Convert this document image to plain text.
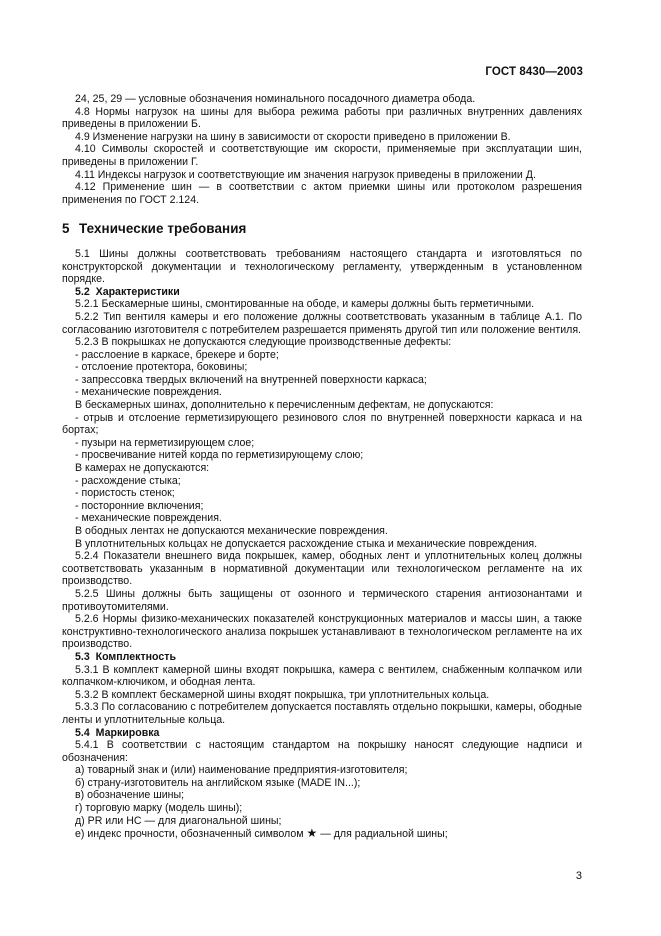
ГОСТ 8430—2003

24, 25, 29 — условные обозначения номинального посадочного диаметра обода.

4.8 Нормы нагрузок на шины для выбора режима работы при различных внутренних давлениях приведены в приложении Б.

4.9 Изменение нагрузки на шину в зависимости от скорости приведено в приложении В.

4.10 Символы скоростей и соответствующие им скорости, применяемые при эксплуатации шин, приведены в приложении Г.

4.11 Индексы нагрузок и соответствующие им значения нагрузок приведены в приложении Д.

4.12 Применение шин — в соответствии с актом приемки шины или протоколом разрешения применения по ГОСТ 2.124.

5 Технические требования

5.1 Шины должны соответствовать требованиям настоящего стандарта и изготовляться по конструкторской документации и технологическому регламенту, утвержденным в установленном порядке.

5.2 Характеристики

5.2.1 Бескамерные шины, смонтированные на ободе, и камеры должны быть герметичными.

5.2.2 Тип вентиля камеры и его положение должны соответствовать указанным в таблице А.1. По согласованию изготовителя с потребителем разрешается применять другой тип или положение вентиля.

5.2.3 В покрышках не допускаются следующие производственные дефекты:

- расслоение в каркасе, брекере и борте;

- отслоение протектора, боковины;

- запрессовка твердых включений на внутренней поверхности каркаса;

- механические повреждения.

В бескамерных шинах, дополнительно к перечисленным дефектам, не допускаются:

- отрыв и отслоение герметизирующего резинового слоя по внутренней поверхности каркаса и на бортах;

- пузыри на герметизирующем слое;

- просвечивание нитей корда по герметизирующему слою;

В камерах не допускаются:

- расхождение стыка;

- пористость стенок;

- посторонние включения;

- механические повреждения.

В ободных лентах не допускаются механические повреждения.

В уплотнительных кольцах не допускается расхождение стыка и механические повреждения.

5.2.4 Показатели внешнего вида покрышек, камер, ободных лент и уплотнительных колец должны соответствовать указанным в нормативной документации или технологическом регламенте на их производство.

5.2.5 Шины должны быть защищены от озонного и термического старения антиозонантами и противоутомителями.

5.2.6 Нормы физико-механических показателей конструкционных материалов и массы шин, а также конструктивно-технологического анализа покрышек устанавливают в технологическом регламенте на их производство.

5.3 Комплектность

5.3.1 В комплект камерной шины входят покрышка, камера с вентилем, снабженным колпачком или колпачком-ключиком, и ободная лента.

5.3.2 В комплект бескамерной шины входят покрышка, три уплотнительных кольца.

5.3.3 По согласованию с потребителем допускается поставлять отдельно покрышки, камеры, ободные ленты и уплотнительные кольца.

5.4 Маркировка

5.4.1 В соответствии с настоящим стандартом на покрышку наносят следующие надписи и обозначения:

а) товарный знак и (или) наименование предприятия-изготовителя;

б) страну-изготовитель на английском языке (MADE IN...);

в) обозначение шины;

г) торговую марку (модель шины);

д) PR или НС — для диагональной шины;

е) индекс прочности, обозначенный символом ★ — для радиальной шины;

3
